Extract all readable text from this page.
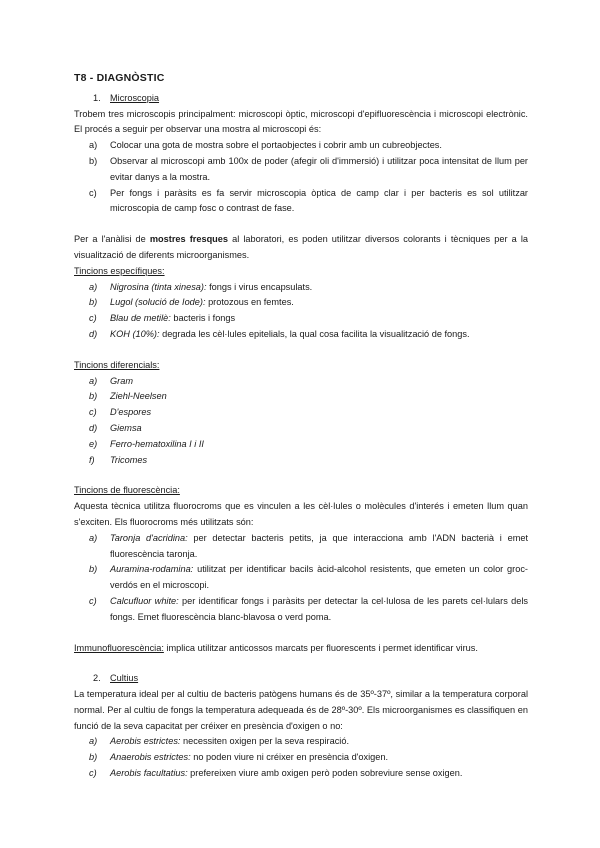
T8 - DIAGNÒSTIC
1.	Microscopia

Trobem tres microscopis principalment: microscopi òptic, microscopi d'epifluorescència i microscopi electrònic. El procés a seguir per observar una mostra al microscopi és:

a)	Colocar una gota de mostra sobre el portaobjectes i cobrir amb un cubreobjectes.
b)	Observar al microscopi amb 100x de poder (afegir oli d'immersió) i utilitzar poca intensitat de llum per evitar danys a la mostra.
c)	Per fongs i paràsits es fa servir microscopia òptica de camp clar i per bacteris es sol utilitzar microscopia de camp fosc o contrast de fase.

Per a l'anàlisi de mostres fresques al laboratori, es poden utilitzar diversos colorants i tècniques per a la visualització de diferents microorganismes.

Tincions específiques:
a)	Nigrosina (tinta xinesa): fongs i virus encapsulats.
b)	Lugol (solució de Iode): protozous en femtes.
c)	Blau de metilè: bacteris i fongs
d)	KOH (10%): degrada les cèl·lules epitelials, la qual cosa facilita la visualització de fongs.
Tincions diferencials:
a)	Gram
b)	Ziehl-Neelsen
c)	D'espores
d)	Giemsa
e)	Ferro-hematoxilina I i II
f)	Tricomes
Tincions de fluorescència:

Aquesta tècnica utilitza fluorocroms que es vinculen a les cèl·lules o molècules d'interés i emeten llum quan s'exciten. Els fluorocroms més utilitzats són:

a)	Taronja d'acridina: per detectar bacteris petits, ja que interacciona amb l'ADN bacterià i emet fluorescència taronja.
b)	Auramina-rodamina: utilitzat per identificar bacils àcid-alcohol resistents, que emeten un color groc-verdós en el microscopi.
c)	Calcufluor white: per identificar fongs i paràsits per detectar la cel·lulosa de les parets cel·lulars dels fongs. Emet fluorescència blanc-blavosa o verd poma.

Immunofluorescència: implica utilitzar anticossos marcats per fluorescents i permet identificar virus.

2.	Cultius

La temperatura ideal per al cultiu de bacteris patògens humans és de 35º-37º, similar a la temperatura corporal normal. Per al cultiu de fongs la temperatura adequeada és de 28º-30º. Els microorganismes es classifiquen en funció de la seva capacitat per créixer en presència d'oxigen o no:

a)	Aerobis estrictes: necessiten oxigen per la seva respiració.
b)	Anaerobis estrictes: no poden viure ni créixer en presència d'oxigen.
c)	Aerobis facultatius: prefereixen viure amb oxigen però poden sobreviure sense oxigen.
